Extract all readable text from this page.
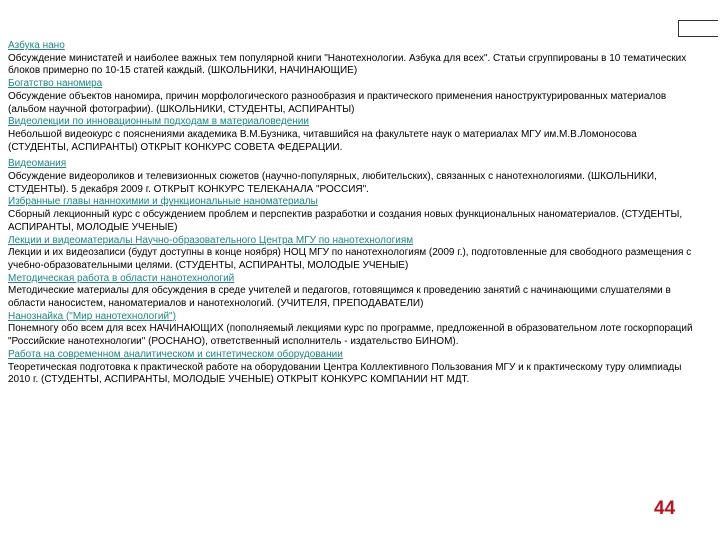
Азбука нано
Обсуждение министатей и наиболее важных тем популярной книги "Нанотехнологии. Азбука для всех". Статьи сгруппированы в 10 тематических блоков примерно по 10-15 статей каждый. (ШКОЛЬНИКИ, НАЧИНАЮЩИЕ)
Богатство наномира
Обсуждение объектов наномира, причин морфологического разнообразия и практического применения наноструктурированных материалов (альбом научной фотографии). (ШКОЛЬНИКИ, СТУДЕНТЫ, АСПИРАНТЫ)
Видеолекции по инновационным подходам в материаловедении
Небольшой видеокурс с пояснениями академика В.М.Бузника, читавшийся на факультете наук о материалах МГУ им.М.В.Ломоносова (СТУДЕНТЫ, АСПИРАНТЫ) ОТКРЫТ КОНКУРС СОВЕТА ФЕДЕРАЦИИ.
Видеомания
Обсуждение видеороликов и телевизионных сюжетов (научно-популярных, любительских), связанных с нанотехнологиями. (ШКОЛЬНИКИ, СТУДЕНТЫ). 5 декабря 2009 г. ОТКРЫТ КОНКУРС ТЕЛЕКАНАЛА "РОССИЯ".
Избранные главы наннохимии и функциональные наноматериалы
Сборный лекционный курс с обсуждением проблем и перспектив разработки и создания новых функциональных наноматериалов. (СТУДЕНТЫ, АСПИРАНТЫ, МОЛОДЫЕ УЧЕНЫЕ)
Лекции и видеоматериалы Научно-образовательного Центра МГУ по нанотехнологиям
Лекции и их видеозаписи (будут доступны в конце ноября) НОЦ МГУ по нанотехнологиям (2009 г.), подготовленные для свободного размещения с учебно-образовательными целями. (СТУДЕНТЫ, АСПИРАНТЫ, МОЛОДЫЕ УЧЕНЫЕ)
Методическая работа в области нанотехнологий
Методические материалы для обсуждения в среде учителей и педагогов, готовящимся к проведению занятий с начинающими слушателями в области наносистем, наноматериалов и нанотехнологий. (УЧИТЕЛЯ, ПРЕПОДАВАТЕЛИ)
Нанознайка ("Мир нанотехнологий")
Понемногу обо всем для всех НАЧИНАЮЩИХ (пополняемый лекциями курс по программе, предложенной в образовательном лоте госкорпораций "Российские нанотехнологии" (РОСНАНО), ответственный исполнитель - издательство БИНОМ).
Работа на современном аналитическом и синтетическом оборудовании
Теоретическая подготовка к практической работе на оборудовании Центра Коллективного Пользования МГУ и к практическому туру олимпиады 2010 г. (СТУДЕНТЫ, АСПИРАНТЫ, МОЛОДЫЕ УЧЕНЫЕ) ОТКРЫТ КОНКУРС КОМПАНИИ НТ МДТ.
44
